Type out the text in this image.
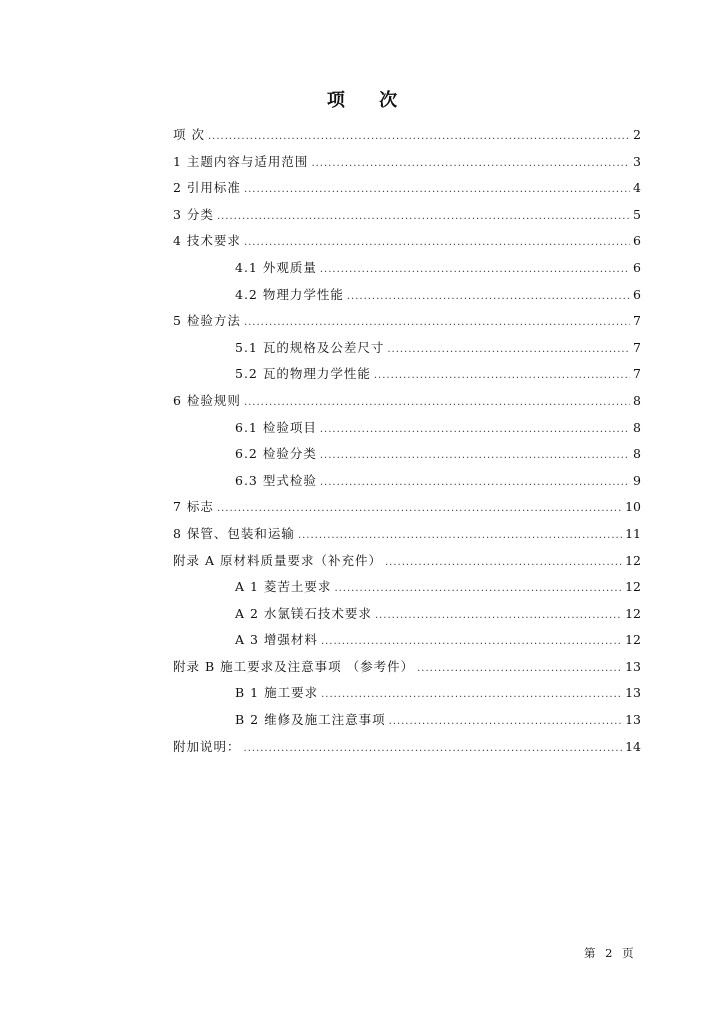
项 次
项 次 .....	2
1 主题内容与适用范围 .....	3
2 引用标准 .....	4
3 分类 .....	5
4 技术要求 .....	6
4.1 外观质量 .....	6
4.2 物理力学性能 .....	6
5 检验方法 .....	7
5.1 瓦的规格及公差尺寸 .....	7
5.2 瓦的物理力学性能 .....	7
6 检验规则 .....	8
6.1 检验项目 .....	8
6.2 检验分类 .....	8
6.3 型式检验 .....	9
7 标志 .....	10
8 保管、包装和运输 .....	11
附录 A 原材料质量要求（补充件） .....	12
A 1 菱苦土要求 .....	12
A 2 水氯镁石技术要求 .....	12
A 3 增强材料 .....	12
附录 B 施工要求及注意事项 （参考件） .....	13
B 1 施工要求 .....	13
B 2 维修及施工注意事项 .....	13
附加说明： .....	14
第 2 页
